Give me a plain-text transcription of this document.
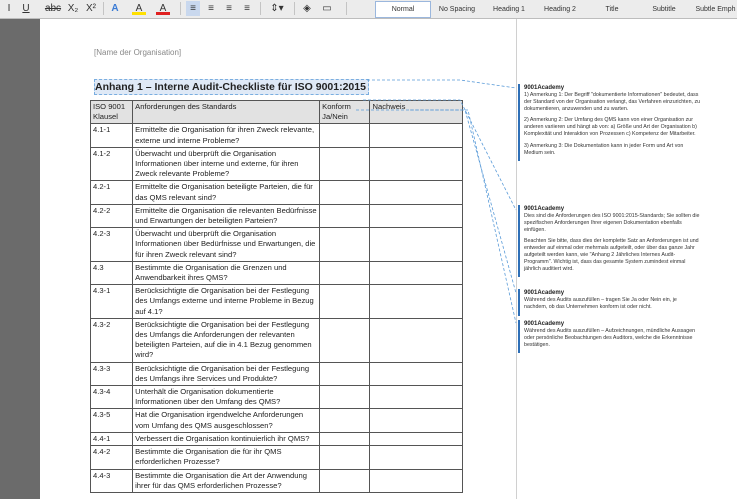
I	U abc X₂ X²	A	A	A	≡	≡	≡	≡	⇕▾	◈	▭	Normal	No Spacing	Heading 1	Heading 2	Title	Subtitle	Subtle Emph
[Name der Organisation]
Anhang 1 – Interne Audit-Checkliste für ISO 9001:2015
ISO 9001 Klausel	Anforderungen des Standards	Konform Ja/Nein	Nachweis
4.1-1	Ermittelte die Organisation für ihren Zweck relevante, externe und interne Probleme?		
4.1-2	Überwacht und überprüft die Organisation Informationen über interne und externe, für ihren Zweck relevante Probleme?		
4.2-1	Ermittelte die Organisation beteiligte Parteien, die für das QMS relevant sind?		
4.2-2	Ermittelte die Organisation die relevanten Bedürfnisse und Erwartungen der beteiligten Parteien?		
4.2-3	Überwacht und überprüft die Organisation Informationen über Bedürfnisse und Erwartungen, die für ihren Zweck relevant sind?		
4.3	Bestimmte die Organisation die Grenzen und Anwendbarkeit ihres QMS?		
4.3-1	Berücksichtigte die Organisation bei der Festlegung des Umfangs externe und interne Probleme in Bezug auf 4.1?		
4.3-2	Berücksichtigte die Organisation bei der Festlegung des Umfangs die Anforderungen der relevanten beteiligten Parteien, auf die in 4.1 Bezug genommen wird?		
4.3-3	Berücksichtigte die Organisation bei der Festlegung des Umfangs ihre Services und Produkte?		
4.3-4	Unterhält die Organisation dokumentierte Informationen über den Umfang des QMS?		
4.3-5	Hat die Organisation irgendwelche Anforderungen vom Umfang des QMS ausgeschlossen?		
4.4-1	Verbessert die Organisation kontinuierlich ihr QMS?		
4.4-2	Bestimmte die Organisation die für ihr QMS erforderlichen Prozesse?		
4.4-3	Bestimmte die Organisation die Art der Anwendung ihrer für das QMS erforderlichen Prozesse?		
9001Academy

1) Anmerkung 1: Der Begriff "dokumentierte Informationen" bedeutet, dass der Standard von der Organisation verlangt, das Verfahren einzurichten, zu dokumentieren, anzuwenden und zu warten.

2) Anmerkung 2: Der Umfang des QMS kann von einer Organisation zur anderen variieren und hängt ab von: a) Größe und Art der Organisation b) Komplexität und Interaktion von Prozessen c) Kompetenz der Mitarbeiter.

3) Anmerkung 3: Die Dokumentation kann in jeder Form und Art von Medium sein.

9001Academy

Dies sind die Anforderungen des ISO 9001:2015-Standards; Sie sollten die spezifischen Anforderungen Ihrer eigenen Dokumentation ebenfalls einfügen.

Beachten Sie bitte, dass dies der komplette Satz an Anforderungen ist und entweder auf einmal oder mehrmals aufgeteilt, oder über das ganze Jahr aufgeteilt werden kann, wie "Anhang 2 Jährliches Internes Audit-Programm". Wichtig ist, dass das gesamte System zumindest einmal jährlich auditiert wird.

9001Academy

Während des Audits auszufüllen – tragen Sie Ja oder Nein ein, je nachdem, ob das Unternehmen konform ist oder nicht.

9001Academy

Während des Audits auszufüllen – Aufzeichnungen, mündliche Aussagen oder persönliche Beobachtungen des Auditors, welche die Erkenntnisse bestätigen.
